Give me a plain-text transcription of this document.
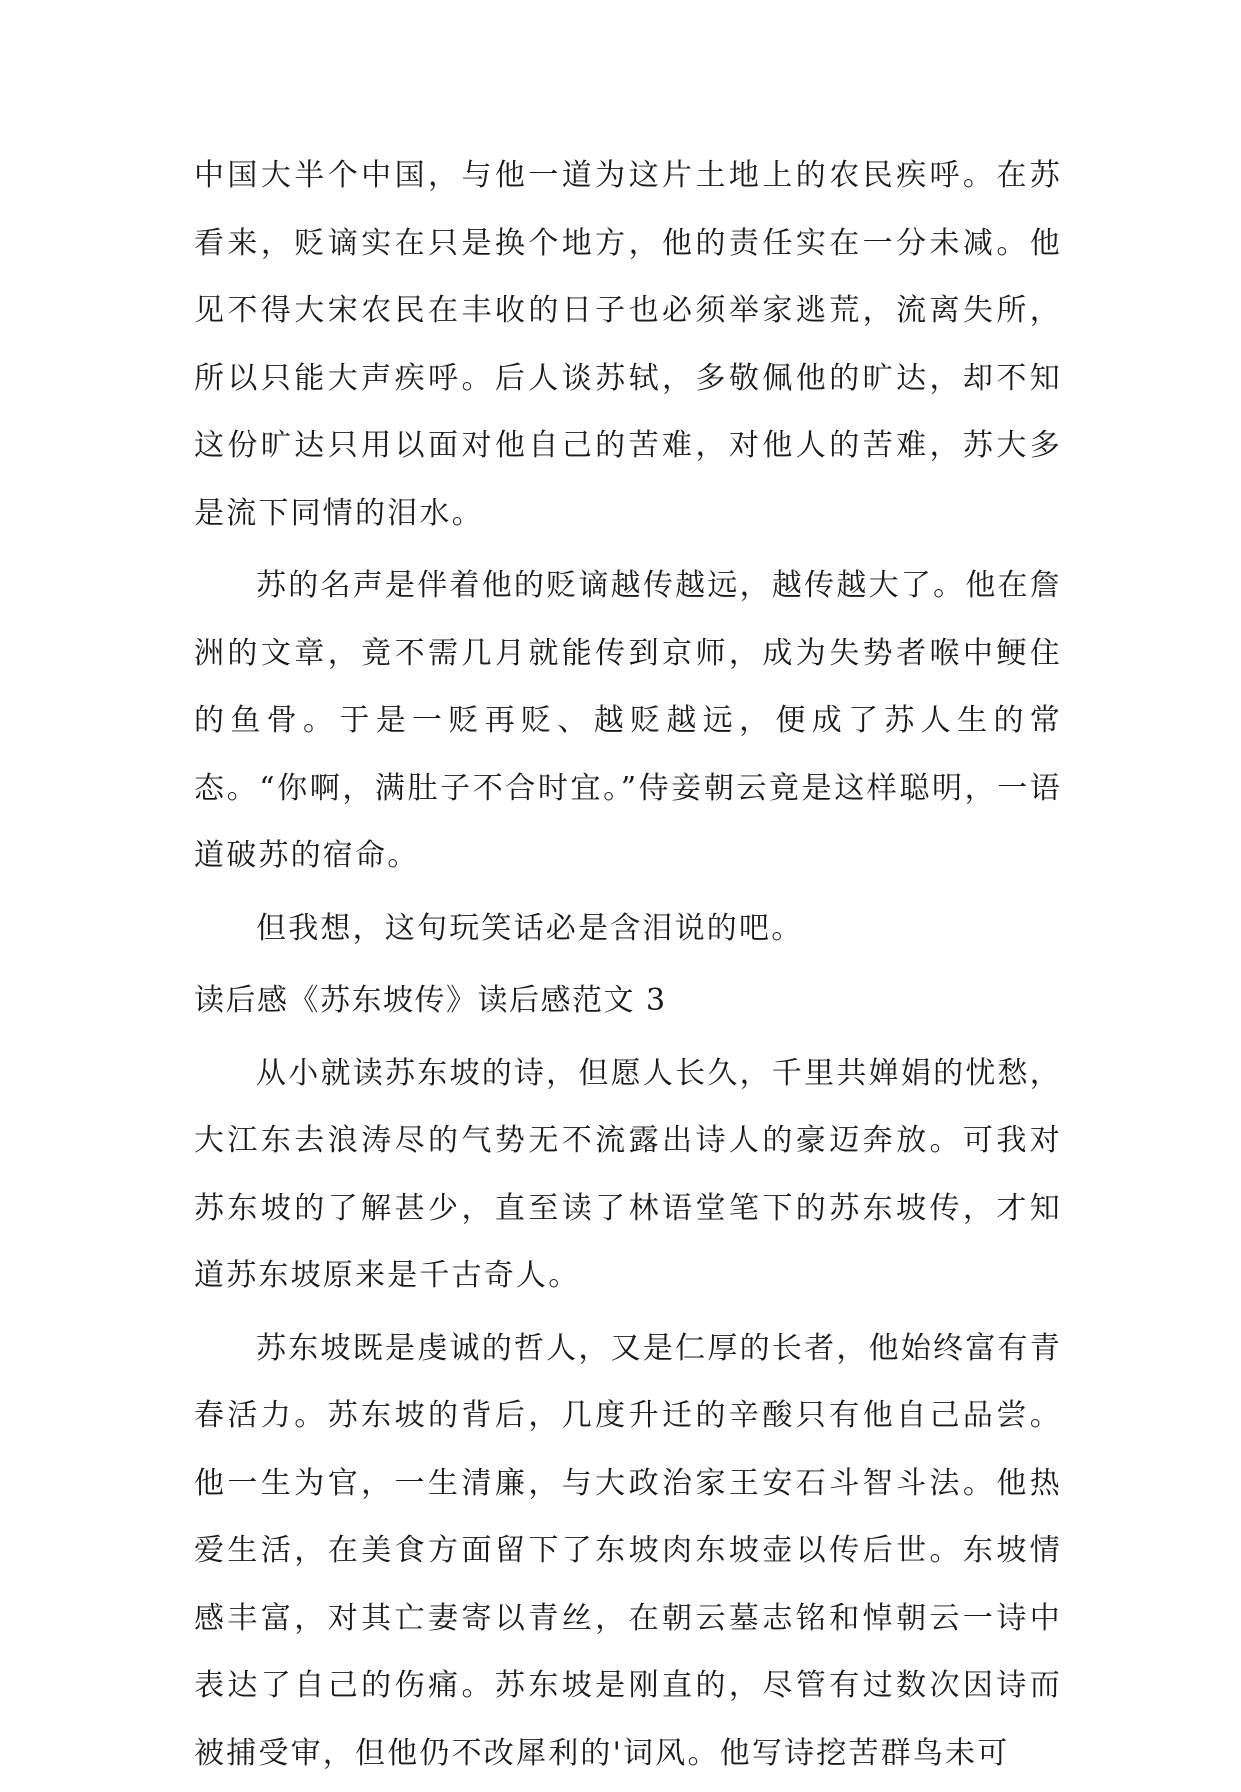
中国大半个中国，与他一道为这片土地上的农民疾呼。在苏看来，贬谪实在只是换个地方，他的责任实在一分未减。他见不得大宋农民在丰收的日子也必须举家逃荒，流离失所，所以只能大声疾呼。后人谈苏轼，多敬佩他的旷达，却不知这份旷达只用以面对他自己的苦难，对他人的苦难，苏大多是流下同情的泪水。

苏的名声是伴着他的贬谪越传越远，越传越大了。他在詹洲的文章，竟不需几月就能传到京师，成为失势者喉中鲠住的鱼骨。于是一贬再贬、越贬越远，便成了苏人生的常态。“你啊，满肚子不合时宜。”侍妾朝云竟是这样聪明，一语道破苏的宿命。

但我想，这句玩笑话必是含泪说的吧。

读后感《苏东坡传》读后感范文 3

从小就读苏东坡的诗，但愿人长久，千里共婵娟的忧愁，大江东去浪涛尽的气势无不流露出诗人的豪迈奔放。可我对苏东坡的了解甚少，直至读了林语堂笔下的苏东坡传，才知道苏东坡原来是千古奇人。

苏东坡既是虔诚的哲人，又是仁厚的长者，他始终富有青春活力。苏东坡的背后，几度升迁的辛酸只有他自己品尝。他一生为官，一生清廉，与大政治家王安石斗智斗法。他热爱生活，在美食方面留下了东坡肉东坡壶以传后世。东坡情感丰富，对其亡妻寄以青丝，在朝云墓志铭和悼朝云一诗中表达了自己的伤痛。苏东坡是刚直的，尽管有过数次因诗而被捕受审，但他仍不改犀利的'词风。他写诗挖苦群鸟未可
